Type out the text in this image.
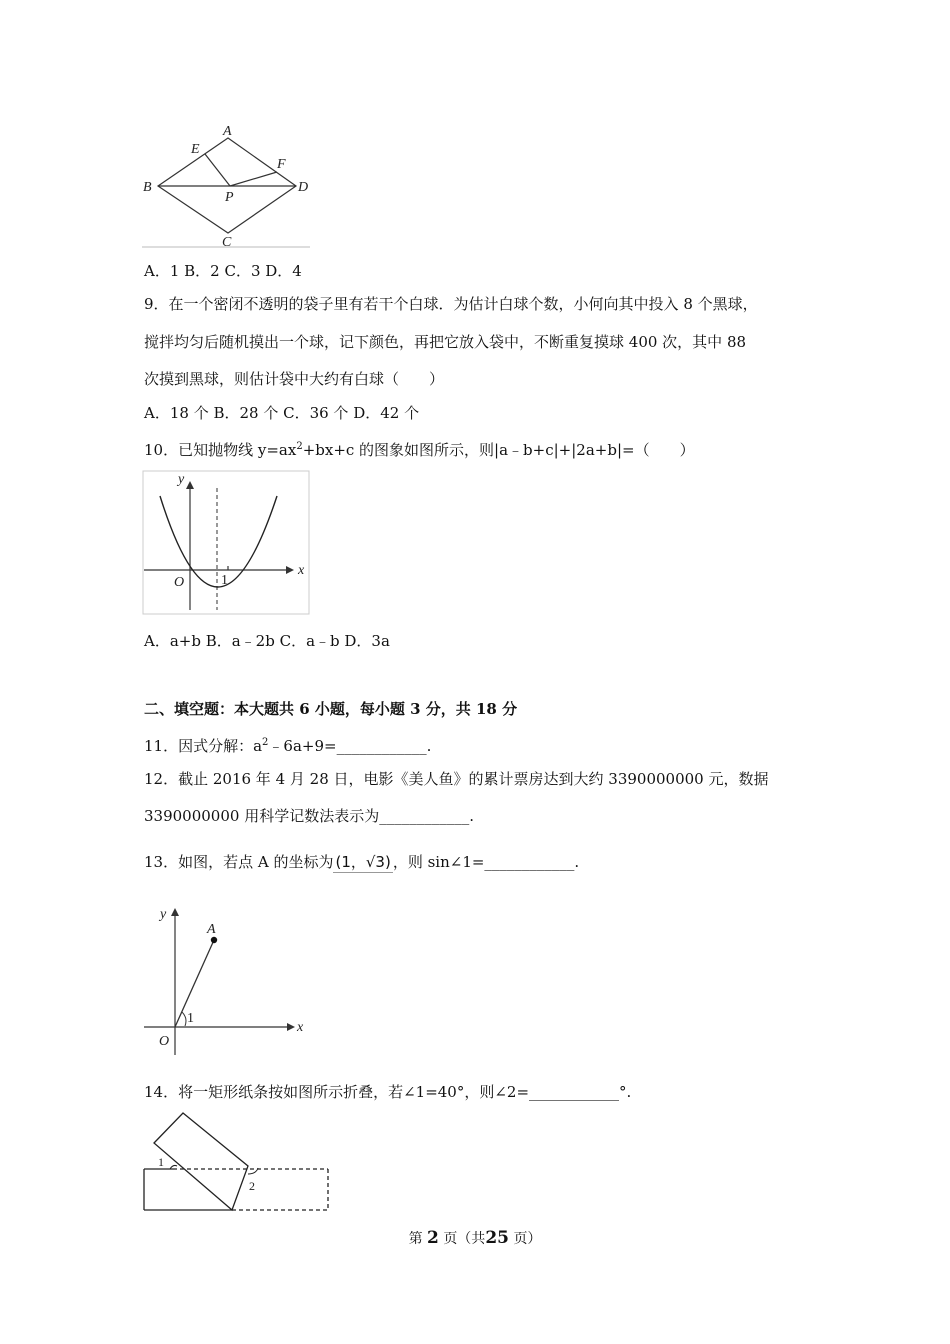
A
E
F
B
P
D
C
A．1 B．2 C．3 D．4
9．在一个密闭不透明的袋子里有若干个白球．为估计白球个数，小何向其中投入 8 个黑球，
搅拌均匀后随机摸出一个球，记下颜色，再把它放入袋中，不断重复摸球 400 次，其中 88
次摸到黑球，则估计袋中大约有白球（　　）
A．18 个 B．28 个 C．36 个 D．42 个
10．已知抛物线 $y=ax^2+bx+c$ 的图象如图所示，则|a﹣b+c|+|2a+b|=（　　）
y
x
O	1
A．a+b B．a﹣2b C．a﹣b D．3a
二、填空题：本大题共 6 小题，每小题 3 分，共 18 分
11．因式分解：$a^2﹣6a+9=\_\_\_\_\_\_\_\_\_\_\_\_$.
12．截止 2016 年 4 月 28 日，电影《美人鱼》的累计票房达到大约 3390000000 元，数据
3390000000 用科学记数法表示为____________.
13．如图，若点 A 的坐标为 (1，√3) ，则 sin∠1=____________.
y
x
O
A
1
14．将一矩形纸条按如图所示折叠，若∠1=40°，则∠2=____________°.
1
2
第 2 页（共25 页）
